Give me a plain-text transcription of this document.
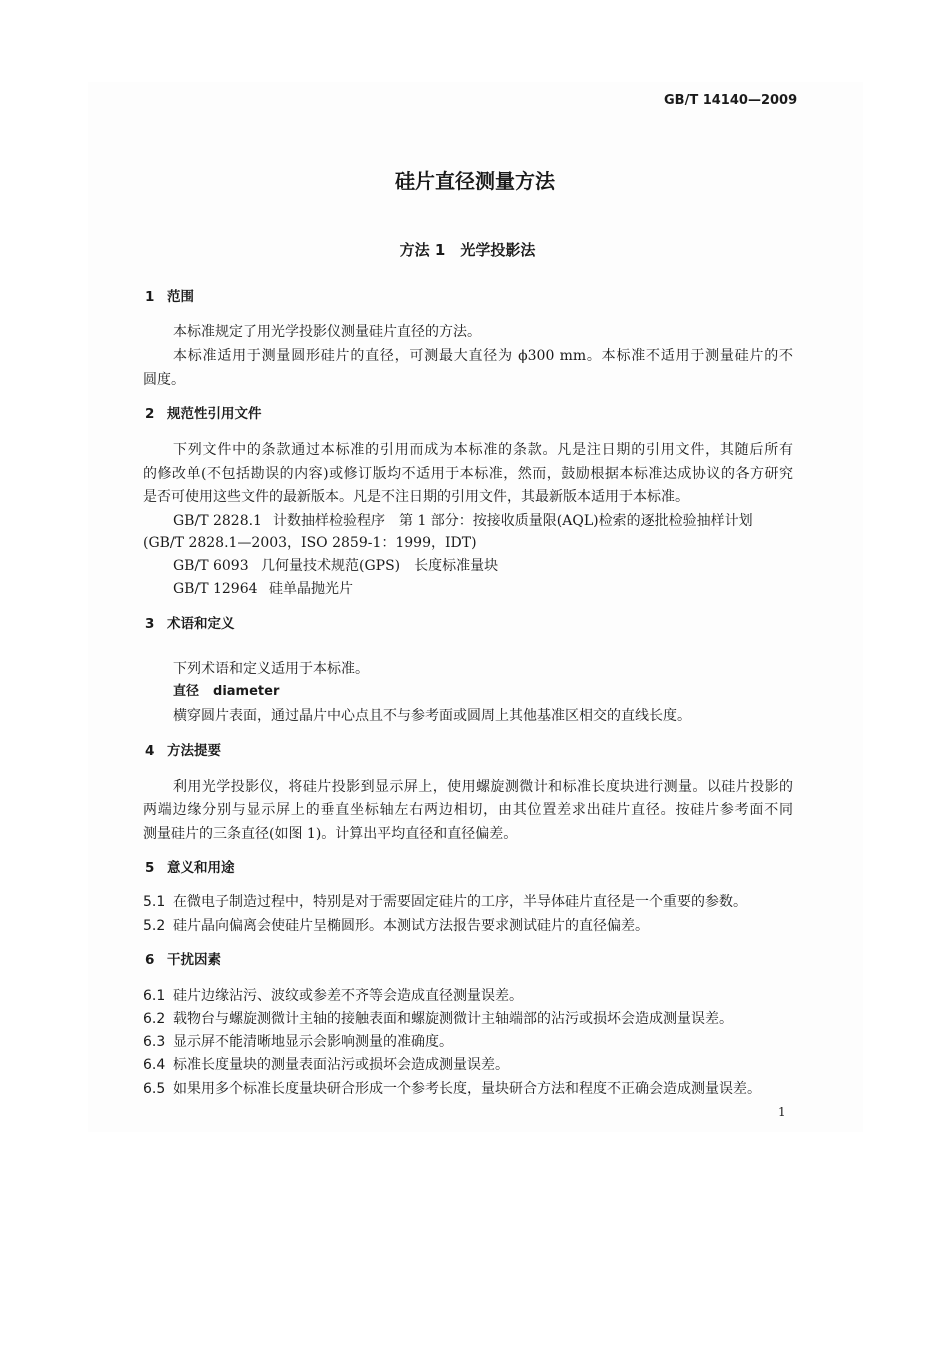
GB/T 14140—2009
硅片直径测量方法
方法 1　光学投影法
1 范围
本标准规定了用光学投影仪测量硅片直径的方法。
本标准适用于测量圆形硅片的直径，可测最大直径为 ϕ300 mm。本标准不适用于测量硅片的不
圆度。
2 规范性引用文件
下列文件中的条款通过本标准的引用而成为本标准的条款。凡是注日期的引用文件，其随后所有
的修改单(不包括勘误的内容)或修订版均不适用于本标准，然而，鼓励根据本标准达成协议的各方研究
是否可使用这些文件的最新版本。凡是不注日期的引用文件，其最新版本适用于本标准。
GB/T 2828.1 计数抽样检验程序　第 1 部分：按接收质量限(AQL)检索的逐批检验抽样计划
(GB/T 2828.1—2003，ISO 2859-1：1999，IDT)
GB/T 6093 几何量技术规范(GPS)　长度标准量块
GB/T 12964 硅单晶抛光片
3 术语和定义
下列术语和定义适用于本标准。
直径 diameter
横穿圆片表面，通过晶片中心点且不与参考面或圆周上其他基准区相交的直线长度。
4 方法提要
利用光学投影仪，将硅片投影到显示屏上，使用螺旋测微计和标准长度块进行测量。以硅片投影的
两端边缘分别与显示屏上的垂直坐标轴左右两边相切，由其位置差求出硅片直径。按硅片参考面不同
测量硅片的三条直径(如图 1)。计算出平均直径和直径偏差。
5 意义和用途
5.1 在微电子制造过程中，特别是对于需要固定硅片的工序，半导体硅片直径是一个重要的参数。
5.2 硅片晶向偏离会使硅片呈椭圆形。本测试方法报告要求测试硅片的直径偏差。
6 干扰因素
6.1 硅片边缘沾污、波纹或参差不齐等会造成直径测量误差。
6.2 载物台与螺旋测微计主轴的接触表面和螺旋测微计主轴端部的沾污或损坏会造成测量误差。
6.3 显示屏不能清晰地显示会影响测量的准确度。
6.4 标准长度量块的测量表面沾污或损坏会造成测量误差。
6.5 如果用多个标准长度量块研合形成一个参考长度，量块研合方法和程度不正确会造成测量误差。
1
